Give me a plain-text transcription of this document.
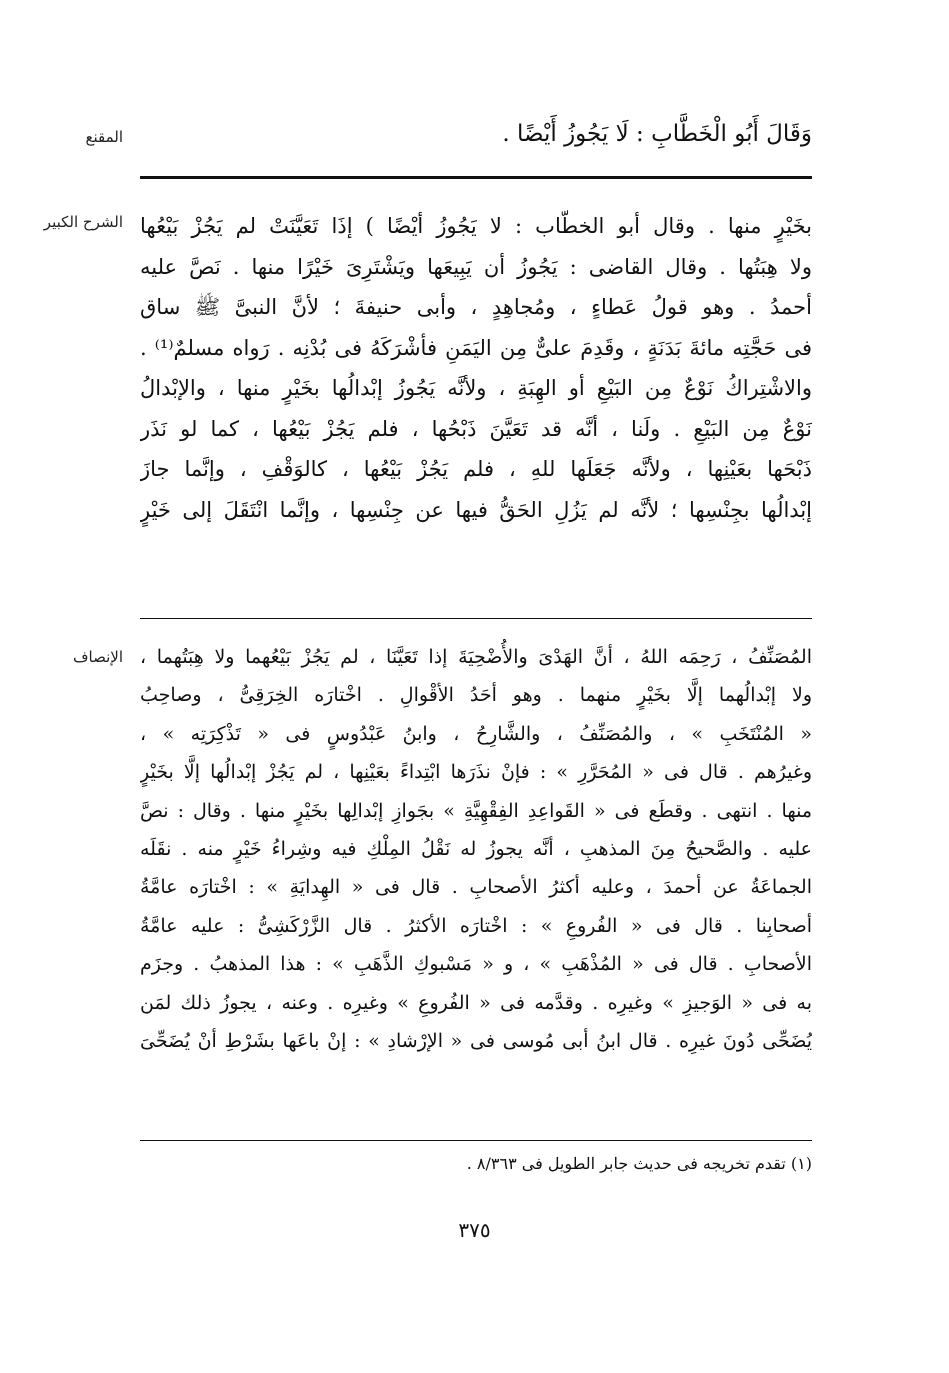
المقنع
الشرح الكبير
الإنصاف
وَقَالَ أَبُو الْخَطَّابِ : لَا يَجُوزُ أَيْضًا .
بخَيْرٍ منها . وقال أبو الخطّاب : لا يَجُوزُ أيْضًا ) إذَا تَعَيَّنَتْ لم يَجُزْ بَيْعُها
ولا هِبَتُها . وقال القاضى : يَجُوزُ أن يَبِيعَها ويَشْتَرِىَ خَيْرًا منها . نَصَّ عليه
أحمدُ . وهو قولُ عَطاءٍ ، ومُجاهِدٍ ، وأبى حنيفةَ ؛ لأنَّ النبىَّ ﷺ ساق
فى حَجَّتِه مائةَ بَدَنَةٍ ، وقَدِمَ علىٌّ مِن اليَمَنِ فأشْرَكَهُ فى بُدْنِه . رَواه مسلمٌ⁽¹⁾ .
والاشْتِراكُ نَوْعٌ مِن البَيْعِ أو الهِبَةِ ، ولأنَّه يَجُوزُ إبْدالُها بخَيْرٍ منها ، والإبْدالُ
نَوْعٌ مِن البَيْعِ . ولَنا ، أنَّه قد تَعَيَّنَ ذَبْحُها ، فلم يَجُزْ بَيْعُها ، كما لو نَذَر
ذَبْحَها بعَيْنِها ، ولأنَّه جَعَلَها للهِ ، فلم يَجُزْ بَيْعُها ، كالوَقْفِ ، وإنَّما جازَ
إبْدالُها بجِنْسِها ؛ لأنَّه لم يَزُلِ الحَقُّ فيها عن جِنْسِها ، وإنَّما انْتَقَلَ إلى خَيْرٍ
المُصَنِّفُ ، رَحِمَه اللهُ ، أنَّ الهَدْىَ والأُضْحِيَةَ إذا تَعَيَّنَا ، لم يَجُزْ بَيْعُهما ولا هِبَتُهما ،
ولا إبْدالُهما إلَّا بخَيْرٍ منهما . وهو أحَدُ الأقْوالِ . اخْتارَه الخِرَقِىُّ ، وصاحِبُ
« المُنْتَخَبِ » ، والمُصَنِّفُ ، والشَّارِحُ ، وابنُ عَبْدُوسٍ فى « تَذْكِرَتِه » ،
وغيرُهم . قال فى « المُحَرَّرِ » : فإنْ نذَرَها ابْتِداءً بعَيْنِها ، لم يَجُزْ إبْدالُها إلَّا بخَيْرٍ
منها . انتهى . وقطَع فى « القَواعِدِ الفِقْهِيَّةِ » بجَوازِ إبْدالِها بخَيْرٍ منها . وقال : نصَّ
عليه . والصَّحيحُ مِنَ المذهبِ ، أنَّه يجوزُ له نَقْلُ المِلْكِ فيه وشِراءُ خَيْرٍ منه . نقَلَه
الجماعَةُ عن أحمدَ ، وعليه أكثرُ الأصحابِ . قال فى « الهِدايَةِ » : اخْتارَه عامَّةُ
أصحابِنا . قال فى « الفُروعِ » : اخْتارَه الأكثرُ . قال الزَّرْكَشِىُّ : عليه عامَّةُ
الأصحابِ . قال فى « المُذْهَبِ » ، و « مَسْبوكِ الذَّهَبِ » : هذا المذهبُ . وجزَم
به فى « الوَجيزِ » وغيرِه . وقدَّمه فى « الفُروعِ » وغيرِه . وعنه ، يجوزُ ذلك لمَن
يُضَحِّى دُونَ غيرِه . قال ابنُ أبى مُوسى فى « الإرْشادِ » : إنْ باعَها بشَرْطِ أنْ يُضَحِّىَ
(١) تقدم تخريجه فى حديث جابر الطويل فى ٨/٣٦٣ .
٣٧٥
